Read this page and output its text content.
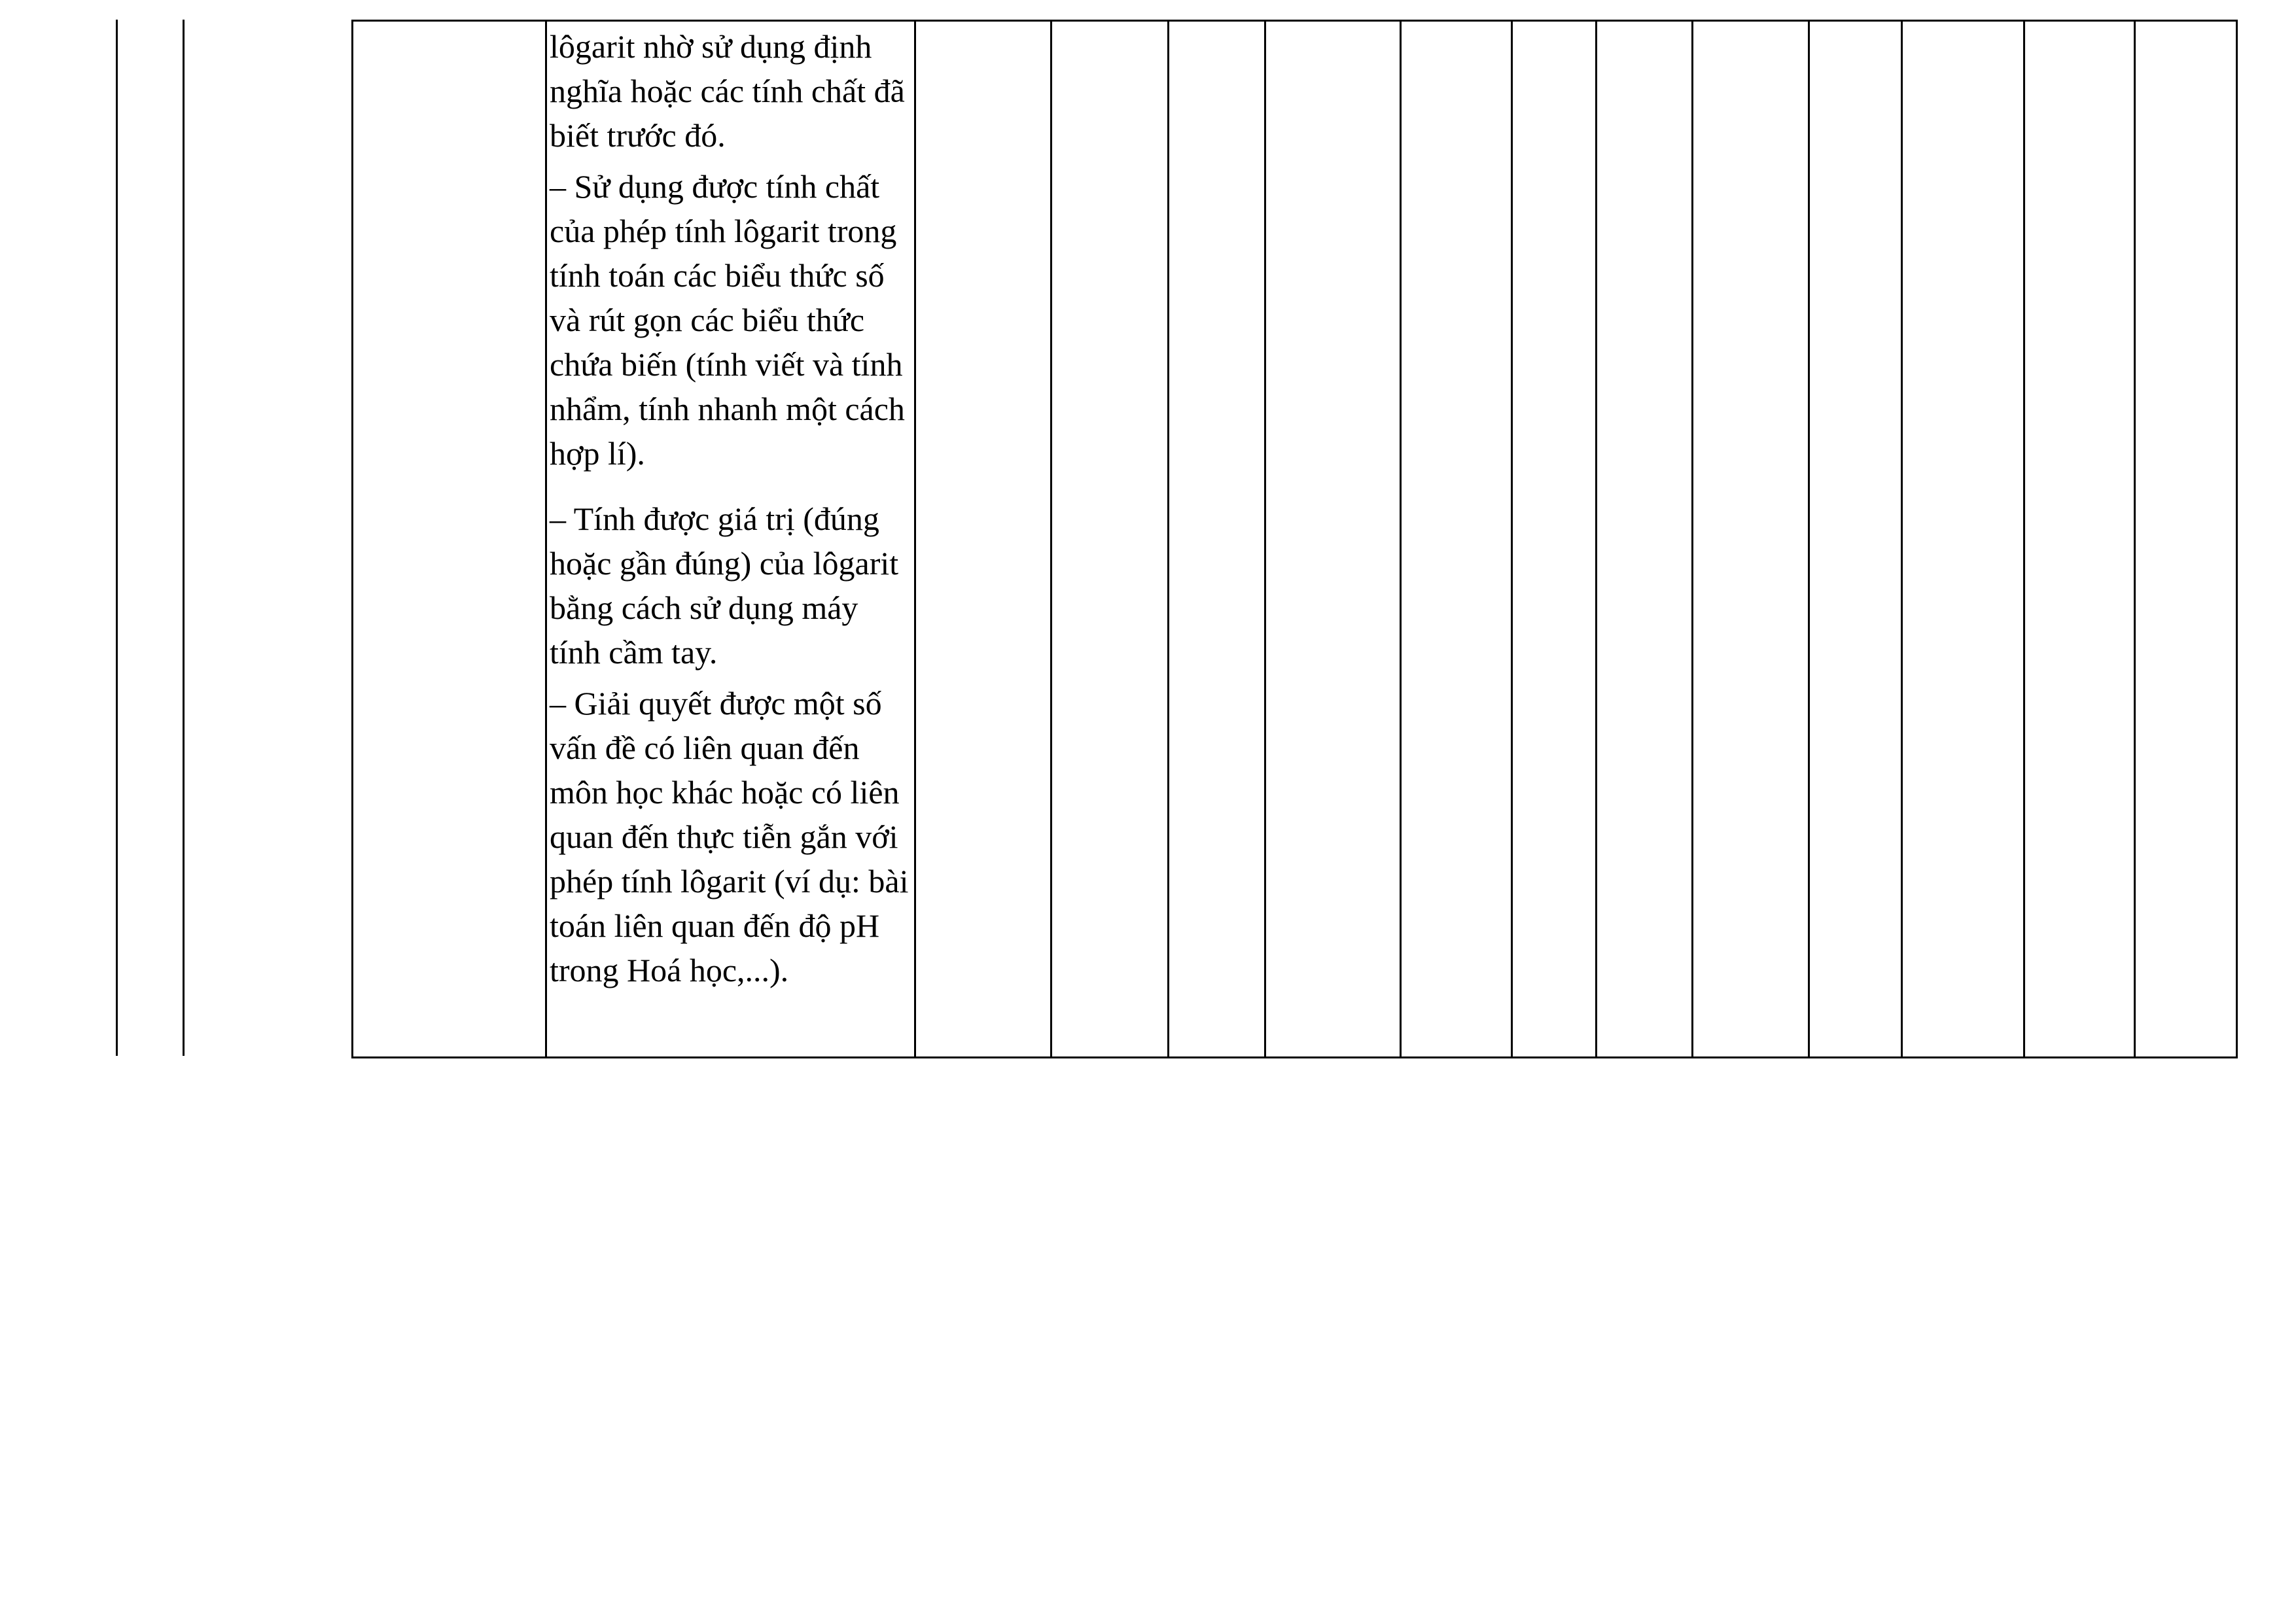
lôgarit nhờ sử dụng định nghĩa hoặc các tính chất đã biết trước đó.

– Sử dụng được tính chất của phép tính lôgarit trong tính toán các biểu thức số và rút gọn các biểu thức chứa biến (tính viết và tính nhẩm, tính nhanh một cách hợp lí).

– Tính được giá trị (đúng hoặc gần đúng) của lôgarit bằng cách sử dụng máy tính cầm tay.

– Giải quyết được một số vấn đề có liên quan đến môn học khác hoặc có liên quan đến thực tiễn gắn với phép tính lôgarit (ví dụ: bài toán liên quan đến độ pH trong Hoá học,...).
